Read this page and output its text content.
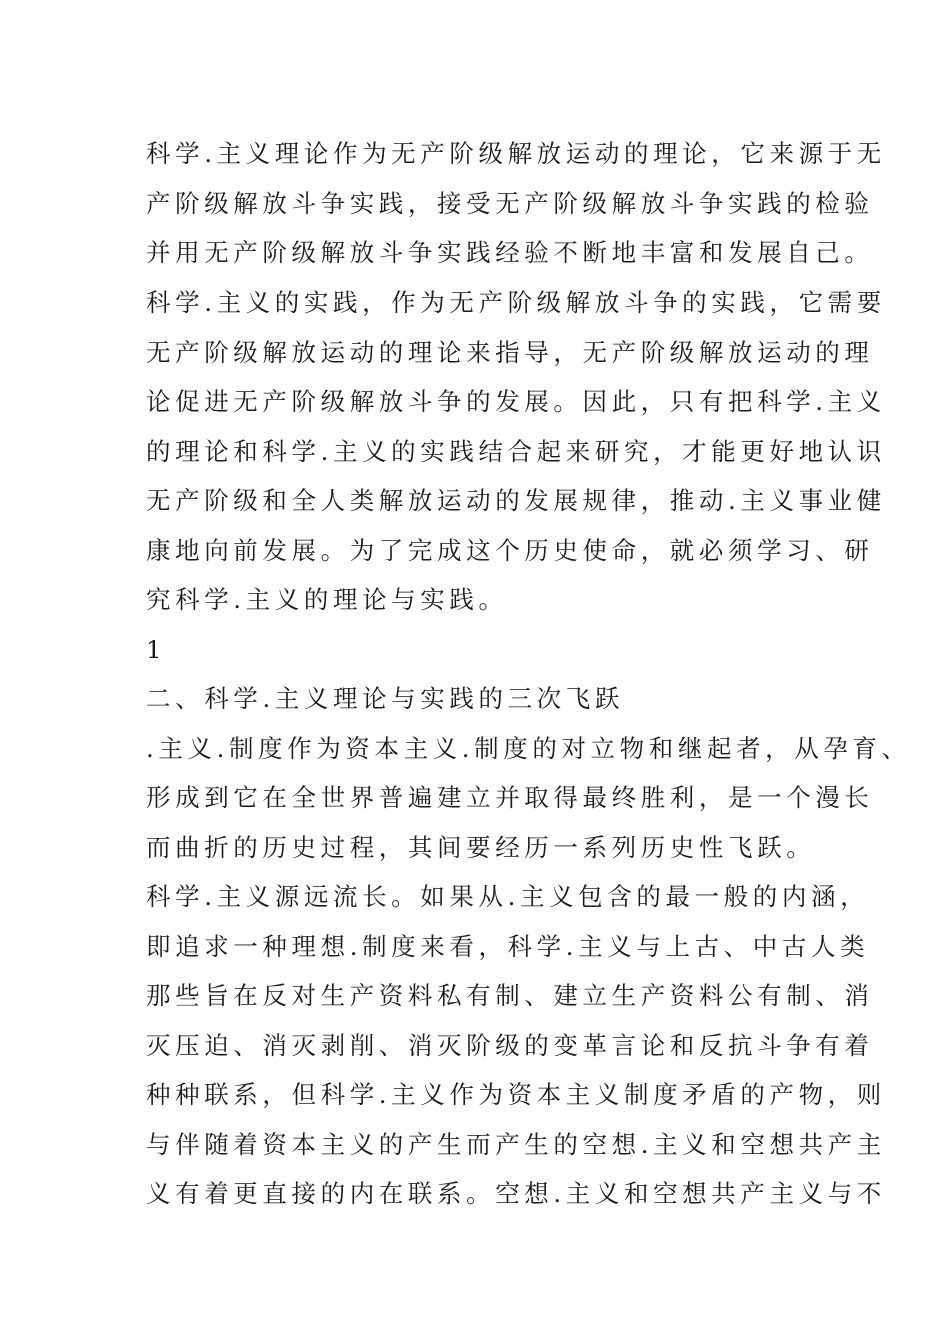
科学.主义理论作为无产阶级解放运动的理论，它来源于无

产阶级解放斗争实践，接受无产阶级解放斗争实践的检验

并用无产阶级解放斗争实践经验不断地丰富和发展自己。

科学.主义的实践，作为无产阶级解放斗争的实践，它需要

无产阶级解放运动的理论来指导，无产阶级解放运动的理

论促进无产阶级解放斗争的发展。因此，只有把科学.主义

的理论和科学.主义的实践结合起来研究，才能更好地认识

无产阶级和全人类解放运动的发展规律，推动.主义事业健

康地向前发展。为了完成这个历史使命，就必须学习、研

究科学.主义的理论与实践。

1

二、科学.主义理论与实践的三次飞跃

.主义.制度作为资本主义.制度的对立物和继起者，从孕育、

形成到它在全世界普遍建立并取得最终胜利，是一个漫长

而曲折的历史过程，其间要经历一系列历史性飞跃。

科学.主义源远流长。如果从.主义包含的最一般的内涵，

即追求一种理想.制度来看，科学.主义与上古、中古人类

那些旨在反对生产资料私有制、建立生产资料公有制、消

灭压迫、消灭剥削、消灭阶级的变革言论和反抗斗争有着

种种联系，但科学.主义作为资本主义制度矛盾的产物，则

与伴随着资本主义的产生而产生的空想.主义和空想共产主

义有着更直接的内在联系。空想.主义和空想共产主义与不
